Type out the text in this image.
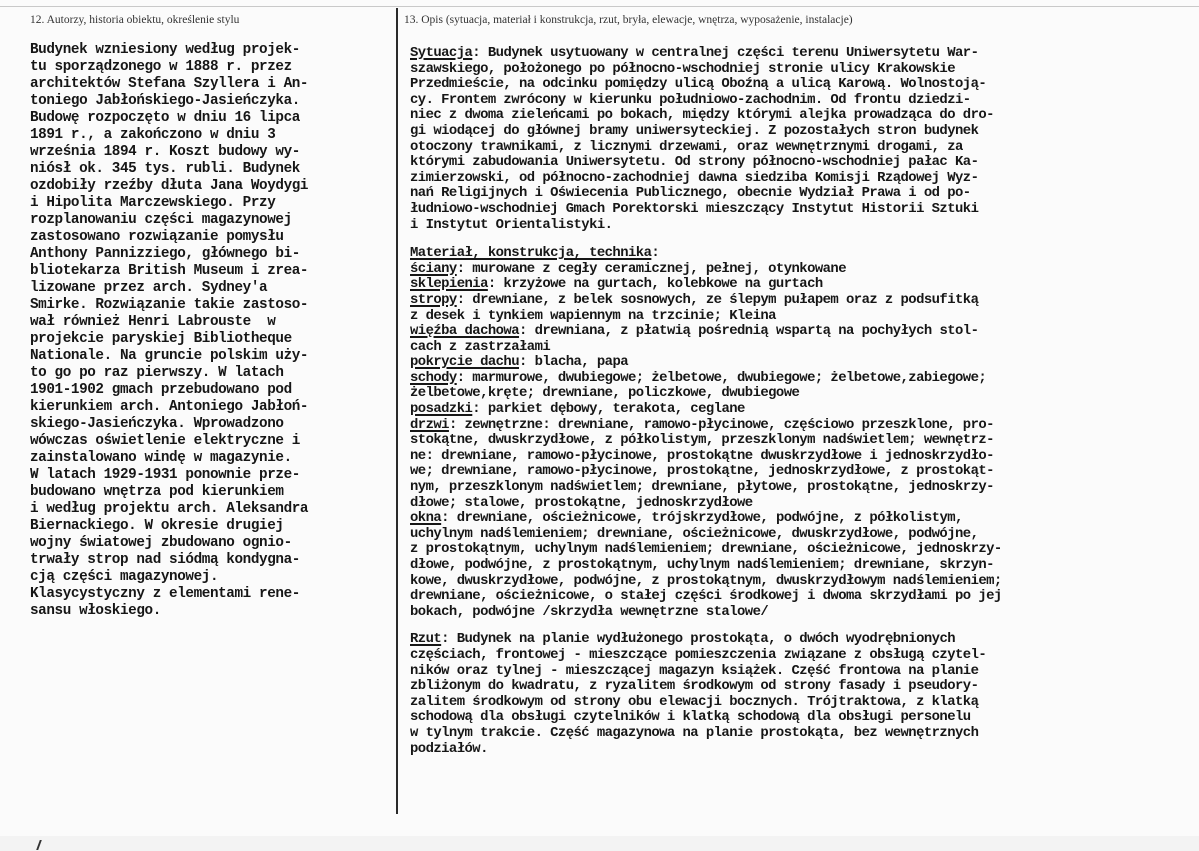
12. Autorzy, historia obiektu, określenie stylu	13. Opis (sytuacja, materiał i konstrukcja, rzut, bryła, elewacje, wnętrza, wyposażenie, instalacje)

Budynek wzniesiony według projek-
tu sporządzonego w 1888 r. przez
architektów Stefana Szyllera i An-
toniego Jabłońskiego-Jasieńczyka.
Budowę rozpoczęto w dniu 16 lipca
1891 r., a zakończono w dniu 3
września 1894 r. Koszt budowy wy-
niósł ok. 345 tys. rubli. Budynek
ozdobiły rzeźby dłuta Jana Woydygi
i Hipolita Marczewskiego. Przy
rozplanowaniu części magazynowej
zastosowano rozwiązanie pomysłu
Anthony Pannizziego, głównego bi-
bliotekarza British Museum i zrea-
lizowane przez arch. Sydney'a
Smirke. Rozwiązanie takie zastoso-
wał również Henri Labrouste  w
projekcie paryskiej Bibliotheque
Nationale. Na gruncie polskim uży-
to go po raz pierwszy. W latach
1901-1902 gmach przebudowano pod
kierunkiem arch. Antoniego Jabłoń-
skiego-Jasieńczyka. Wprowadzono
wówczas oświetlenie elektryczne i
zainstalowano windę w magazynie.
W latach 1929-1931 ponownie prze-
budowano wnętrza pod kierunkiem
i według projektu arch. Aleksandra
Biernackiego. W okresie drugiej
wojny światowej zbudowano ognio-
trwały strop nad siódmą kondygna-
cją części magazynowej.

Klasycystyczny z elementami rene-
sansu włoskiego.

Sytuacja: Budynek usytuowany w centralnej części terenu Uniwersytetu War-
szawskiego, położonego po północno-wschodniej stronie ulicy Krakowskie
Przedmieście, na odcinku pomiędzy ulicą Oboźną a ulicą Karową. Wolnostoją-
cy. Frontem zwrócony w kierunku południowo-zachodnim. Od frontu dziedzi-
niec z dwoma zieleńcami po bokach, między którymi alejka prowadząca do dro-
gi wiodącej do głównej bramy uniwersyteckiej. Z pozostałych stron budynek
otoczony trawnikami, z licznymi drzewami, oraz wewnętrznymi drogami, za
którymi zabudowania Uniwersytetu. Od strony północno-wschodniej pałac Ka-
zimierzowski, od północno-zachodniej dawna siedziba Komisji Rządowej Wyz-
nań Religijnych i Oświecenia Publicznego, obecnie Wydział Prawa i od po-
łudniowo-wschodniej Gmach Porektorski mieszczący Instytut Historii Sztuki
i Instytut Orientalistyki.

Materiał, konstrukcja, technika:

ściany: murowane z cegły ceramicznej, pełnej, otynkowane

sklepienia: krzyżowe na gurtach, kolebkowe na gurtach

stropy: drewniane, z belek sosnowych, ze ślepym pułapem oraz z podsufitką
z desek i tynkiem wapiennym na trzcinie; Kleina

więźba dachowa: drewniana, z płatwią pośrednią wspartą na pochyłych stol-
cach z zastrzałami

pokrycie dachu: blacha, papa

schody: marmurowe, dwubiegowe; żelbetowe, dwubiegowe; żelbetowe,zabiegowe;
żelbetowe,kręte; drewniane, policzkowe, dwubiegowe

posadzki: parkiet dębowy, terakota, ceglane

drzwi: zewnętrzne: drewniane, ramowo-płycinowe, częściowo przeszklone, pro-
stokątne, dwuskrzydłowe, z półkolistym, przeszklonym nadświetlem; wewnętrz-
ne: drewniane, ramowo-płycinowe, prostokątne dwuskrzydłowe i jednoskrzydło-
we; drewniane, ramowo-płycinowe, prostokątne, jednoskrzydłowe, z prostokąt-
nym, przeszklonym nadświetlem; drewniane, płytowe, prostokątne, jednoskrzy-
dłowe; stalowe, prostokątne, jednoskrzydłowe

okna: drewniane, ościeżnicowe, trójskrzydłowe, podwójne, z półkolistym,
uchylnym nadślemieniem; drewniane, ościeżnicowe, dwuskrzydłowe, podwójne,
z prostokątnym, uchylnym nadślemieniem; drewniane, ościeżnicowe, jednoskrzy-
dłowe, podwójne, z prostokątnym, uchylnym nadślemieniem; drewniane, skrzyn-
kowe, dwuskrzydłowe, podwójne, z prostokątnym, dwuskrzydłowym nadślemieniem;
drewniane, ościeżnicowe, o stałej części środkowej i dwoma skrzydłami po jej
bokach, podwójne /skrzydła wewnętrzne stalowe/

Rzut: Budynek na planie wydłużonego prostokąta, o dwóch wyodrębnionych
częściach, frontowej - mieszczące pomieszczenia związane z obsługą czytel-
ników oraz tylnej - mieszczącej magazyn książek. Część frontowa na planie
zbliżonym do kwadratu, z ryzalitem środkowym od strony fasady i pseudory-
zalitem środkowym od strony obu elewacji bocznych. Trójtraktowa, z klatką
schodową dla obsługi czytelników i klatką schodową dla obsługi personelu
w tylnym trakcie. Część magazynowa na planie prostokąta, bez wewnętrznych
podziałów.
